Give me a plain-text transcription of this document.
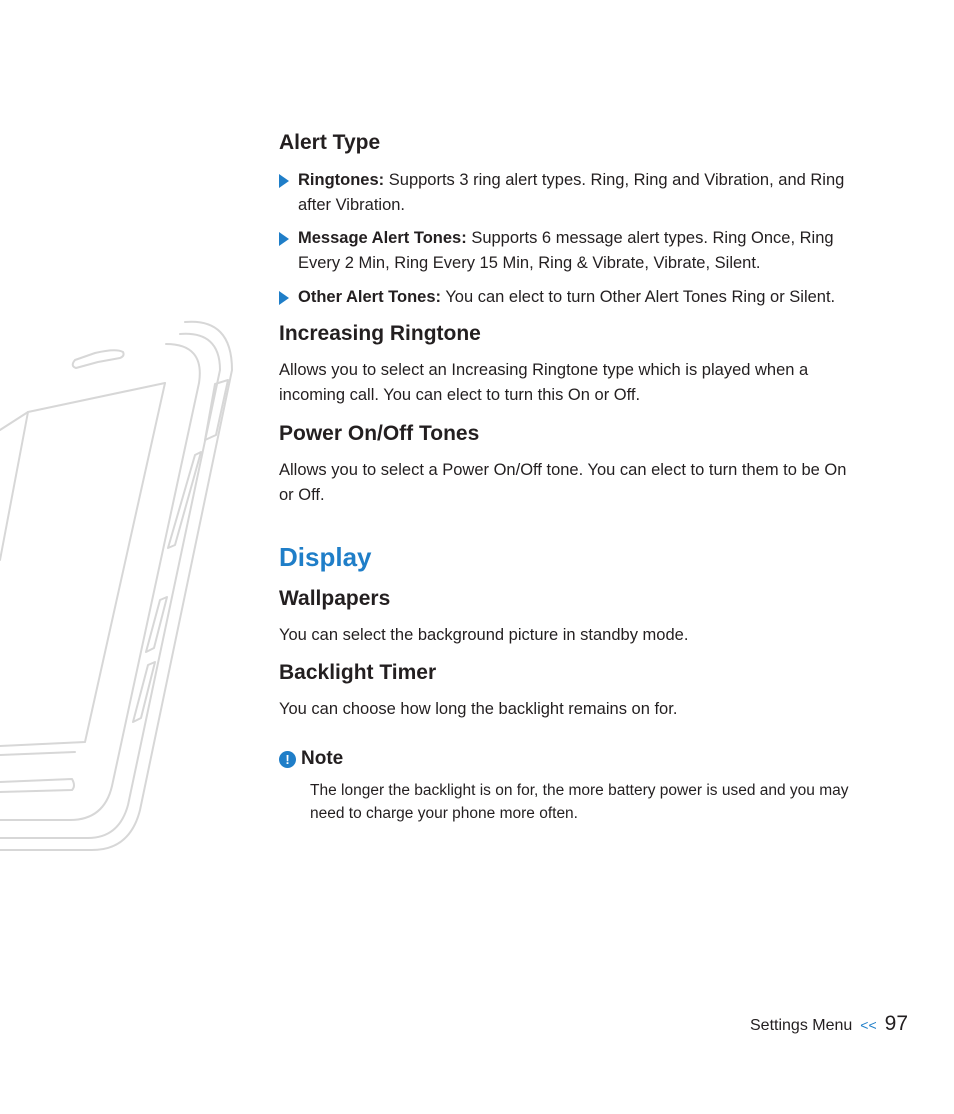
Alert Type
Ringtones: Supports 3 ring alert types. Ring, Ring and Vibration, and Ring after Vibration.
Message Alert Tones: Supports 6 message alert types. Ring Once, Ring Every 2 Min, Ring Every 15 Min, Ring & Vibrate, Vibrate, Silent.
Other Alert Tones: You can elect to turn Other Alert Tones Ring or Silent.
Increasing Ringtone

Allows you to select an Increasing Ringtone type which is played when a incoming call. You can elect to turn this On or Off.

Power On/Off Tones

Allows you to select a Power On/Off tone. You can elect to turn them to be On or Off.

Display
Wallpapers

You can select the background picture in standby mode.

Backlight Timer

You can choose how long the backlight remains on for.

! Note

The longer the backlight is on for, the more battery power is used and you may need to charge your phone more often.

Settings Menu << 97
